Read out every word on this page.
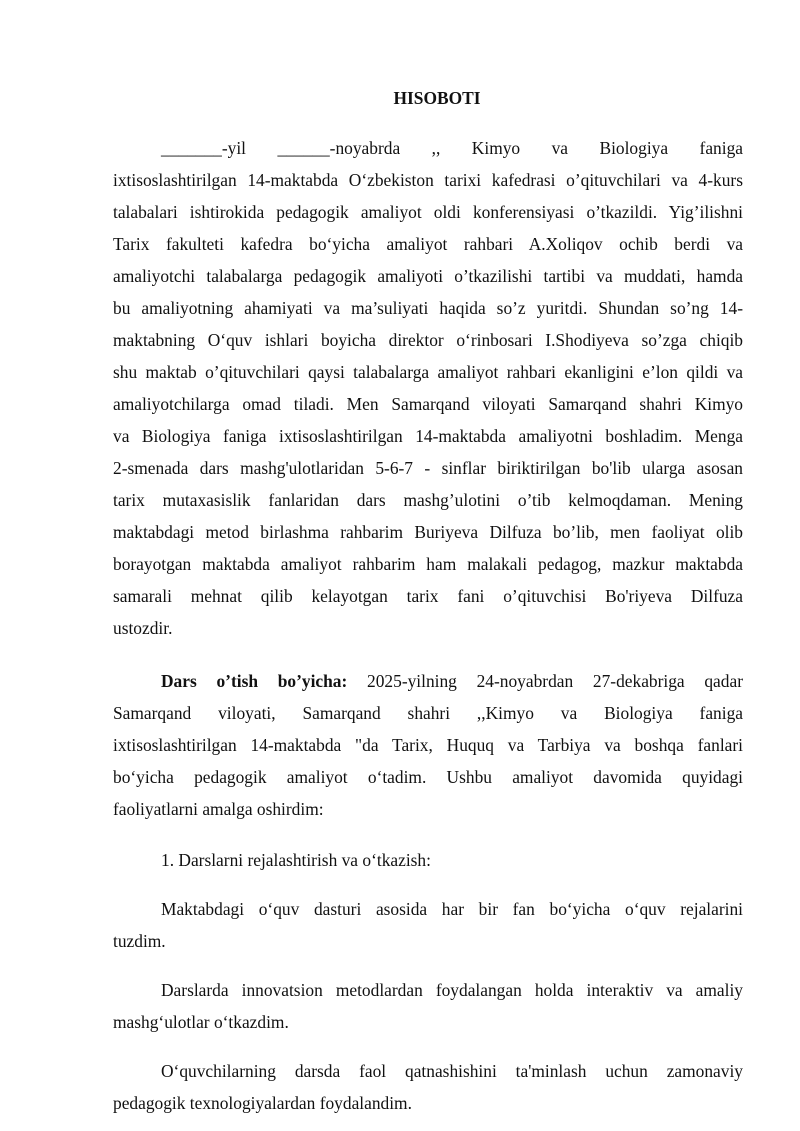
HISOBOTI
_______-yil ______-noyabrda ,, Kimyo va Biologiya faniga
ixtisoslashtirilgan 14-maktabda O‘zbekiston tarixi kafedrasi o’qituvchilari va 4-kurs
talabalari ishtirokida pedagogik amaliyot oldi konferensiyasi o’tkazildi. Yig’ilishni
Tarix fakulteti kafedra bo‘yicha amaliyot rahbari A.Xoliqov ochib berdi va
amaliyotchi talabalarga pedagogik amaliyoti o’tkazilishi tartibi va muddati, hamda
bu amaliyotning ahamiyati va ma’suliyati haqida so’z yuritdi. Shundan so’ng 14-
maktabning O‘quv ishlari boyicha direktor o‘rinbosari I.Shodiyeva so’zga chiqib
shu maktab o’qituvchilari qaysi talabalarga amaliyot rahbari ekanligini e’lon qildi va
amaliyotchilarga omad tiladi. Men Samarqand viloyati Samarqand shahri Kimyo
va Biologiya faniga ixtisoslashtirilgan 14-maktabda amaliyotni boshladim. Menga
2-smenada dars mashg'ulotlaridan 5-6-7 - sinflar biriktirilgan bo'lib ularga asosan
tarix mutaxasislik fanlaridan dars mashg’ulotini o’tib kelmoqdaman. Mening
maktabdagi metod birlashma rahbarim Buriyeva Dilfuza bo’lib, men faoliyat olib
borayotgan maktabda amaliyot rahbarim ham malakali pedagog, mazkur maktabda
samarali mehnat qilib kelayotgan tarix fani o’qituvchisi Bo'riyeva Dilfuza
ustozdir.
Dars o’tish bo’yicha: 2025-yilning 24-noyabrdan 27-dekabriga qadar
Samarqand viloyati, Samarqand shahri ,,Kimyo va Biologiya faniga
ixtisoslashtirilgan 14-maktabda "da Tarix, Huquq va Tarbiya va boshqa fanlari
bo‘yicha pedagogik amaliyot o‘tadim. Ushbu amaliyot davomida quyidagi
faoliyatlarni amalga oshirdim:
1. Darslarni rejalashtirish va o‘tkazish:
Maktabdagi o‘quv dasturi asosida har bir fan bo‘yicha o‘quv rejalarini
tuzdim.
Darslarda innovatsion metodlardan foydalangan holda interaktiv va amaliy
mashg‘ulotlar o‘tkazdim.
O‘quvchilarning darsda faol qatnashishini ta'minlash uchun zamonaviy
pedagogik texnologiyalardan foydalandim.
